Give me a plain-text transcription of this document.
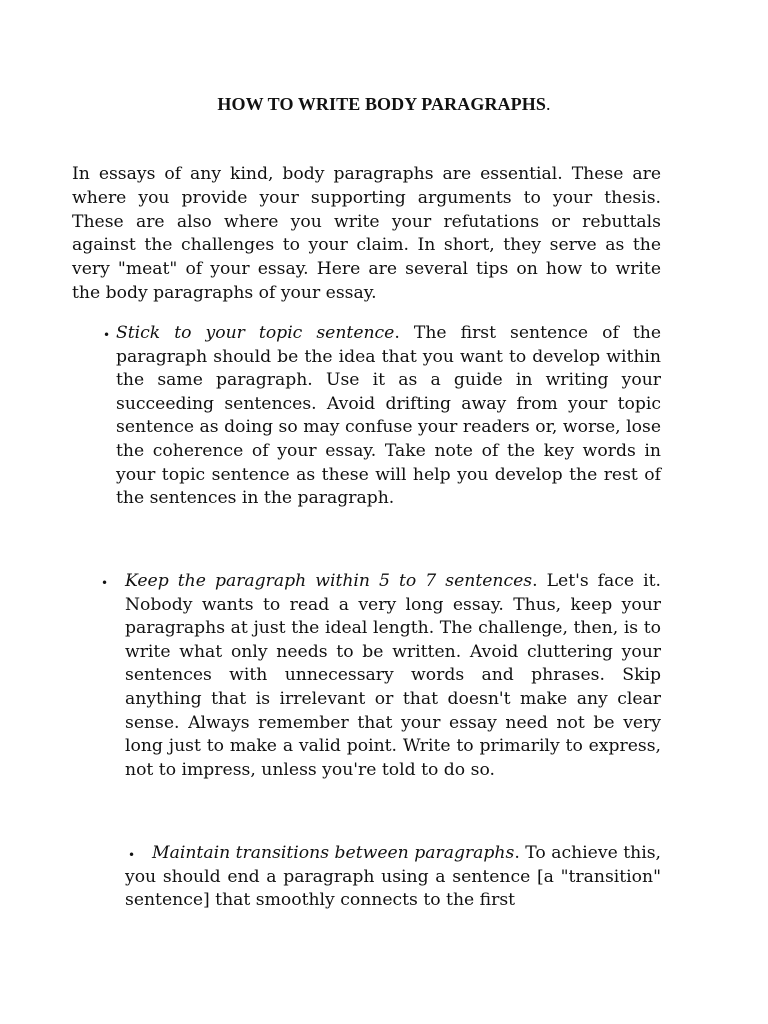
HOW TO WRITE BODY PARAGRAPHS.

In essays of any kind, body paragraphs are essential. These are where you provide your supporting arguments to your thesis. These are also where you write your refutations or rebuttals against the challenges to your claim. In short, they serve as the very "meat" of your essay. Here are several tips on how to write the body paragraphs of your essay.

• Stick to your topic sentence. The first sentence of the paragraph should be the idea that you want to develop within the same paragraph. Use it as a guide in writing your succeeding sentences. Avoid drifting away from your topic sentence as doing so may confuse your readers or, worse, lose the coherence of your essay. Take note of the key words in your topic sentence as these will help you develop the rest of the sentences in the paragraph.

• Keep the paragraph within 5 to 7 sentences. Let's face it. Nobody wants to read a very long essay. Thus, keep your paragraphs at just the ideal length. The challenge, then, is to write what only needs to be written. Avoid cluttering your sentences with unnecessary words and phrases. Skip anything that is irrelevant or that doesn't make any clear sense. Always remember that your essay need not be very long just to make a valid point. Write to primarily to express, not to impress, unless you're told to do so.

• Maintain transitions between paragraphs. To achieve this, you should end a paragraph using a sentence [a "transition" sentence] that smoothly connects to the first
